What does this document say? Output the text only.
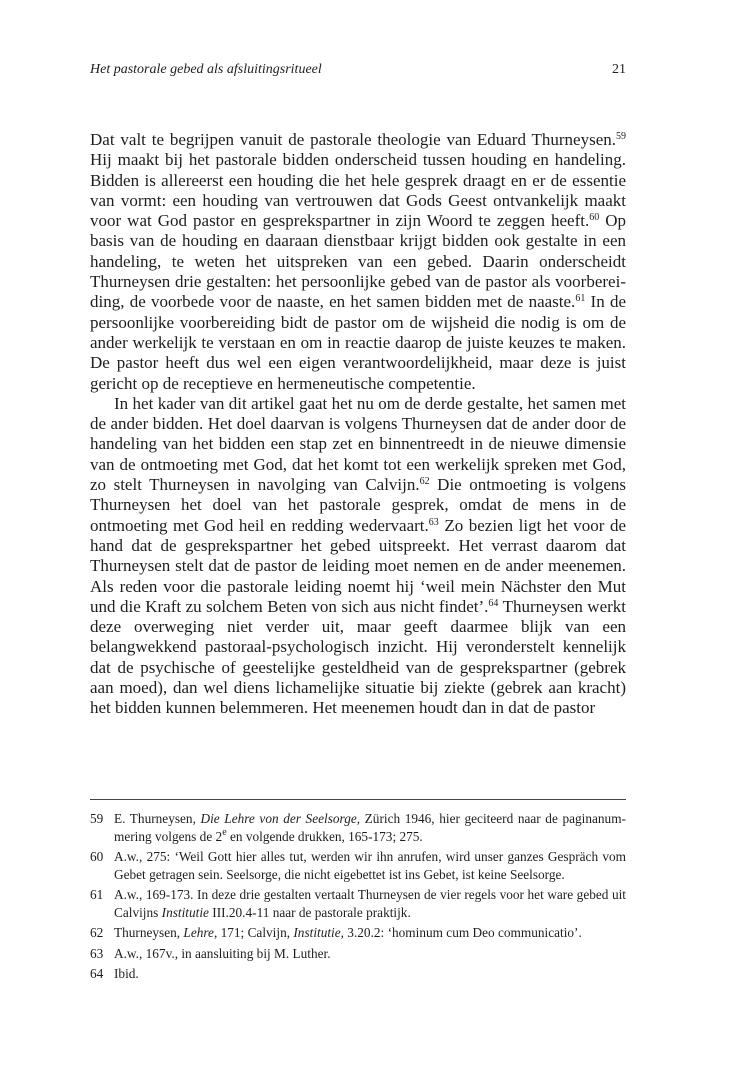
Het pastorale gebed als afsluitingsritueel	21

Dat valt te begrijpen vanuit de pastorale theologie van Eduard Thurneysen.$^{59}$ Hij maakt bij het pastorale bidden onderscheid tussen houding en handeling. Bidden is allereerst een houding die het hele gesprek draagt en er de essentie van vormt: een houding van vertrouwen dat Gods Geest ontvankelijk maakt voor wat God pastor en gesprekspartner in zijn Woord te zeggen heeft.$^{60}$ Op basis van de houding en daaraan dienstbaar krijgt bidden ook gestalte in een handeling, te weten het uitspreken van een gebed. Daarin onderscheidt Thurneysen drie gestalten: het persoonlijke gebed van de pastor als voorbereiding, de voorbede voor de naaste, en het samen bidden met de naaste.$^{61}$ In de persoonlijke voorbereiding bidt de pastor om de wijsheid die nodig is om de ander werkelijk te verstaan en om in reactie daarop de juiste keuzes te maken. De pastor heeft dus wel een eigen verantwoordelijkheid, maar deze is juist gericht op de receptieve en hermeneutische competentie.

In het kader van dit artikel gaat het nu om de derde gestalte, het samen met de ander bidden. Het doel daarvan is volgens Thurneysen dat de ander door de handeling van het bidden een stap zet en binnentreedt in de nieuwe dimensie van de ontmoeting met God, dat het komt tot een werkelijk spreken met God, zo stelt Thurneysen in navolging van Calvijn.$^{62}$ Die ontmoeting is volgens Thurneysen het doel van het pastorale gesprek, omdat de mens in de ontmoeting met God heil en redding wedervaart.$^{63}$ Zo bezien ligt het voor de hand dat de gesprekspartner het gebed uitspreekt. Het verrast daarom dat Thurneysen stelt dat de pastor de leiding moet nemen en de ander meenemen. Als reden voor die pastorale leiding noemt hij ‘weil mein Nächster den Mut und die Kraft zu solchem Beten von sich aus nicht findet’.$^{64}$ Thurneysen werkt deze overweging niet verder uit, maar geeft daarmee blijk van een belangwekkend pastoraal-psychologisch inzicht. Hij veronderstelt kennelijk dat de psychische of geestelijke gesteldheid van de gesprekspartner (gebrek aan moed), dan wel diens lichamelijke situatie bij ziekte (gebrek aan kracht) het bidden kunnen belemmeren. Het meenemen houdt dan in dat de pastor

59 E. Thurneysen, Die Lehre von der Seelsorge, Zürich 1946, hier geciteerd naar de paginanummering volgens de 2e en volgende drukken, 165-173; 275.
60 A.w., 275: ‘Weil Gott hier alles tut, werden wir ihn anrufen, wird unser ganzes Gespräch vom Gebet getragen sein. Seelsorge, die nicht eigebettet ist ins Gebet, ist keine Seelsorge.
61 A.w., 169-173. In deze drie gestalten vertaalt Thurneysen de vier regels voor het ware gebed uit Calvijns Institutie III.20.4-11 naar de pastorale praktijk.
62 Thurneysen, Lehre, 171; Calvijn, Institutie, 3.20.2: ‘hominum cum Deo communicatio’.
63 A.w., 167v., in aansluiting bij M. Luther.
64 Ibid.
